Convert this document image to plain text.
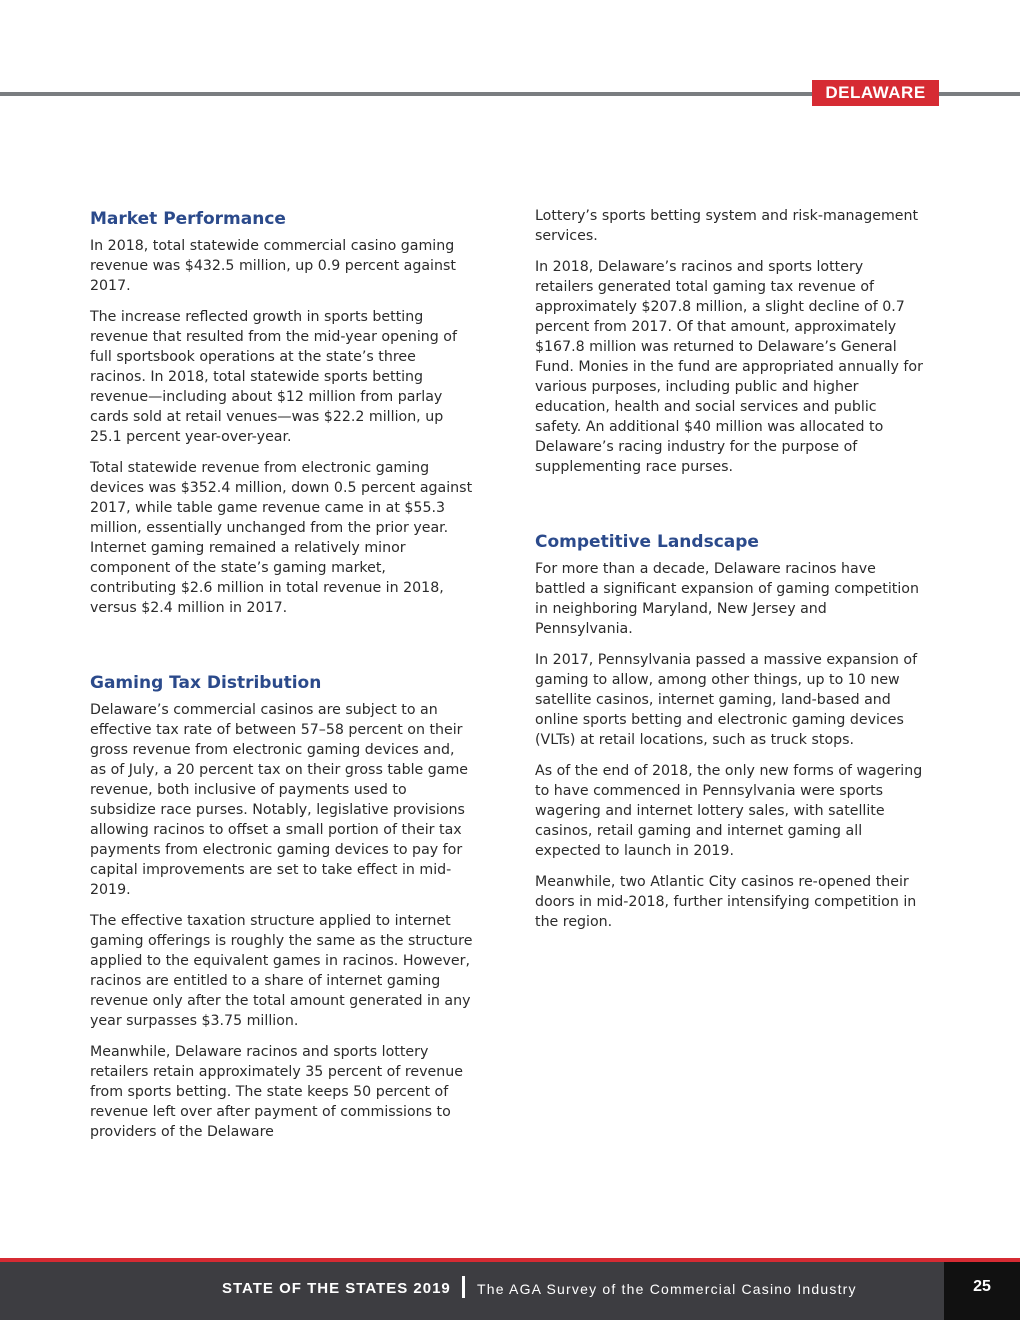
DELAWARE
Market Performance

In 2018, total statewide commercial casino gaming revenue was $432.5 million, up 0.9 percent against 2017.

The increase reflected growth in sports betting revenue that resulted from the mid-year opening of full sportsbook operations at the state’s three racinos. In 2018, total statewide sports betting revenue—including about $12 million from parlay cards sold at retail venues—was $22.2 million, up 25.1 percent year-over-year.

Total statewide revenue from electronic gaming devices was $352.4 million, down 0.5 percent against 2017, while table game revenue came in at $55.3 million, essentially unchanged from the prior year. Internet gaming remained a relatively minor component of the state’s gaming market, contributing $2.6 million in total revenue in 2018, versus $2.4 million in 2017.

Gaming Tax Distribution

Delaware’s commercial casinos are subject to an effective tax rate of between 57–58 percent on their gross revenue from electronic gaming devices and, as of July, a 20 percent tax on their gross table game revenue, both inclusive of payments used to subsidize race purses. Notably, legislative provisions allowing racinos to offset a small portion of their tax payments from electronic gaming devices to pay for capital improvements are set to take effect in mid-2019.

The effective taxation structure applied to internet gaming offerings is roughly the same as the structure applied to the equivalent games in racinos. However, racinos are entitled to a share of internet gaming revenue only after the total amount generated in any year surpasses $3.75 million.

Meanwhile, Delaware racinos and sports lottery retailers retain approximately 35 percent of revenue from sports betting. The state keeps 50 percent of revenue left over after payment of commissions to providers of the Delaware

Lottery’s sports betting system and risk-management services.

In 2018, Delaware’s racinos and sports lottery retailers generated total gaming tax revenue of approximately $207.8 million, a slight decline of 0.7 percent from 2017. Of that amount, approximately $167.8 million was returned to Delaware’s General Fund. Monies in the fund are appropriated annually for various purposes, including public and higher education, health and social services and public safety. An additional $40 million was allocated to Delaware’s racing industry for the purpose of supplementing race purses.

Competitive Landscape

For more than a decade, Delaware racinos have battled a significant expansion of gaming competition in neighboring Maryland, New Jersey and Pennsylvania.

In 2017, Pennsylvania passed a massive expansion of gaming to allow, among other things, up to 10 new satellite casinos, internet gaming, land-based and online sports betting and electronic gaming devices (VLTs) at retail locations, such as truck stops.

As of the end of 2018, the only new forms of wagering to have commenced in Pennsylvania were sports wagering and internet lottery sales, with satellite casinos, retail gaming and internet gaming all expected to launch in 2019.

Meanwhile, two Atlantic City casinos re-opened their doors in mid-2018, further intensifying competition in the region.

STATE OF THE STATES 2019 The AGA Survey of the Commercial Casino Industry	25
